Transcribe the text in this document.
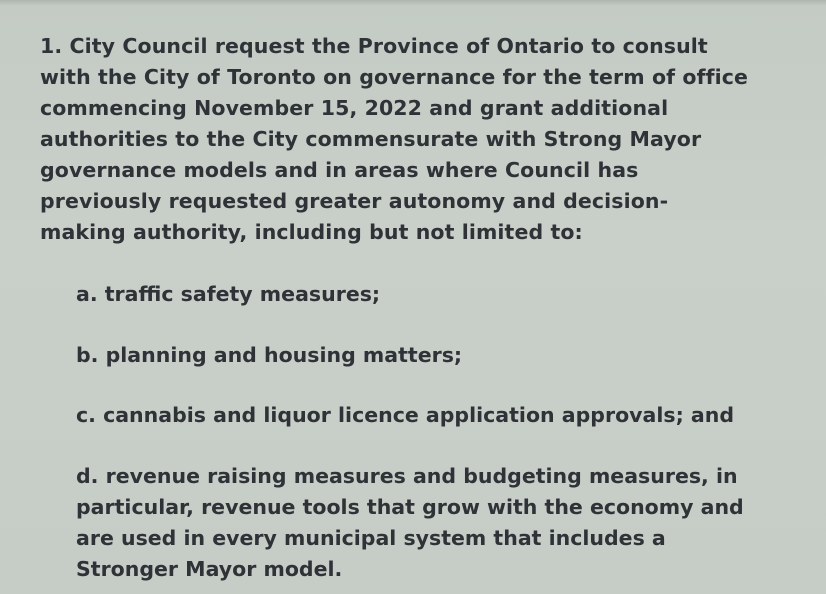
1. City Council request the Province of Ontario to consult
with the City of Toronto on governance for the term of office
commencing November 15, 2022 and grant additional
authorities to the City commensurate with Strong Mayor
governance models and in areas where Council has
previously requested greater autonomy and decision-
making authority, including but not limited to:

a. traffic safety measures;

b. planning and housing matters;

c. cannabis and liquor licence application approvals; and

d. revenue raising measures and budgeting measures, in
particular, revenue tools that grow with the economy and
are used in every municipal system that includes a
Stronger Mayor model.
